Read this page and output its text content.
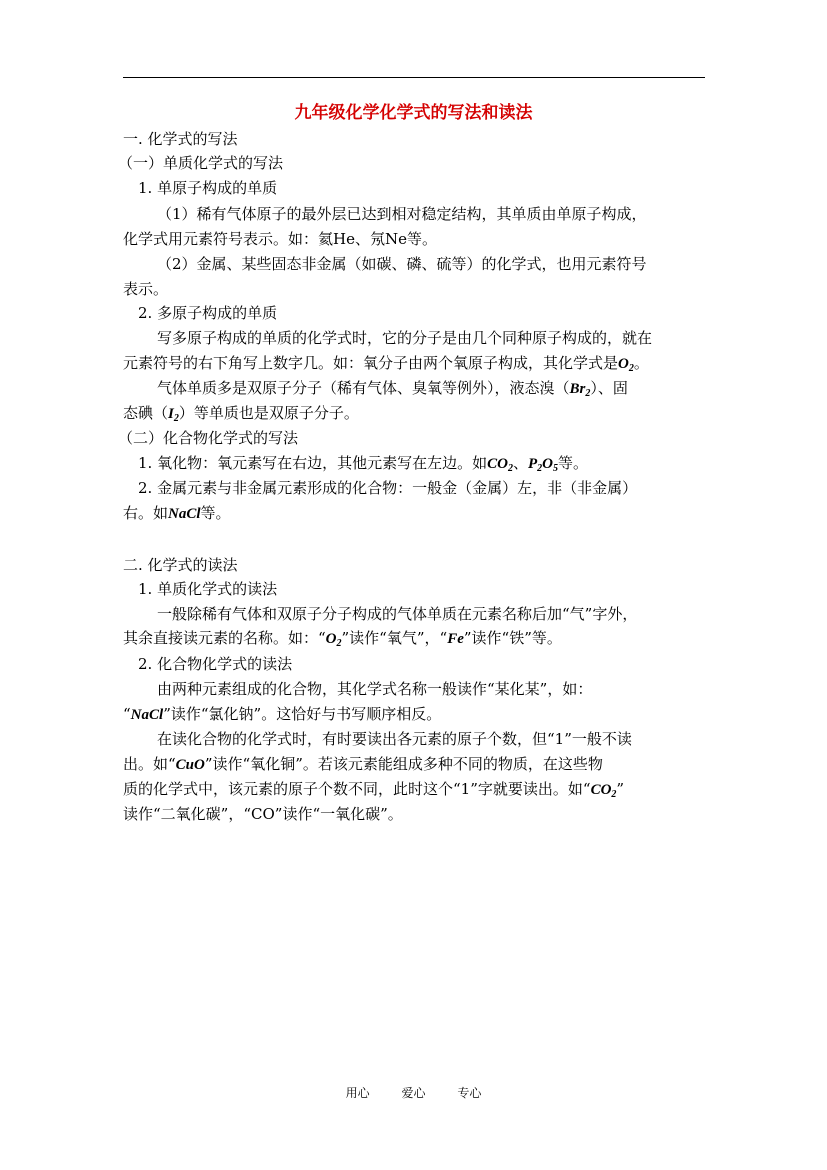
九年级化学化学式的写法和读法
一. 化学式的写法
（一）单质化学式的写法
1. 单原子构成的单质
（1）稀有气体原子的最外层已达到相对稳定结构，其单质由单原子构成，
化学式用元素符号表示。如：氦He、氖Ne等。
（2）金属、某些固态非金属（如碳、磷、硫等）的化学式，也用元素符号
表示。
2. 多原子构成的单质
写多原子构成的单质的化学式时，它的分子是由几个同种原子构成的，就在
元素符号的右下角写上数字几。如：氧分子由两个氧原子构成，其化学式是$O_2$。
气体单质多是双原子分子（稀有气体、臭氧等例外），液态溴$(Br_2)$、固
态碘$(I_2)$等单质也是双原子分子。
（二）化合物化学式的写法
1. 氧化物：氧元素写在右边，其他元素写在左边。如$CO_2$、$P_2O_5$等。
2. 金属元素与非金属元素形成的化合物：一般金（金属）左，非（非金属）
右。如NaCl等。
二. 化学式的读法
1. 单质化学式的读法
一般除稀有气体和双原子分子构成的气体单质在元素名称后加“气”字外，
其余直接读元素的名称。如：“$O_2$”读作“氧气”，“Fe”读作“铁”等。
2. 化合物化学式的读法
由两种元素组成的化合物，其化学式名称一般读作“某化某”，如：
“NaCl”读作“氯化钠”。这恰好与书写顺序相反。
在读化合物的化学式时，有时要读出各元素的原子个数，但“1”一般不读
出。如“CuO”读作“氧化铜”。若该元素能组成多种不同的物质，在这些物
质的化学式中，该元素的原子个数不同，此时这个“1”字就要读出。如“$CO_2$”
读作“二氧化碳”，“CO”读作“一氧化碳”。
用心	爱心	专心
